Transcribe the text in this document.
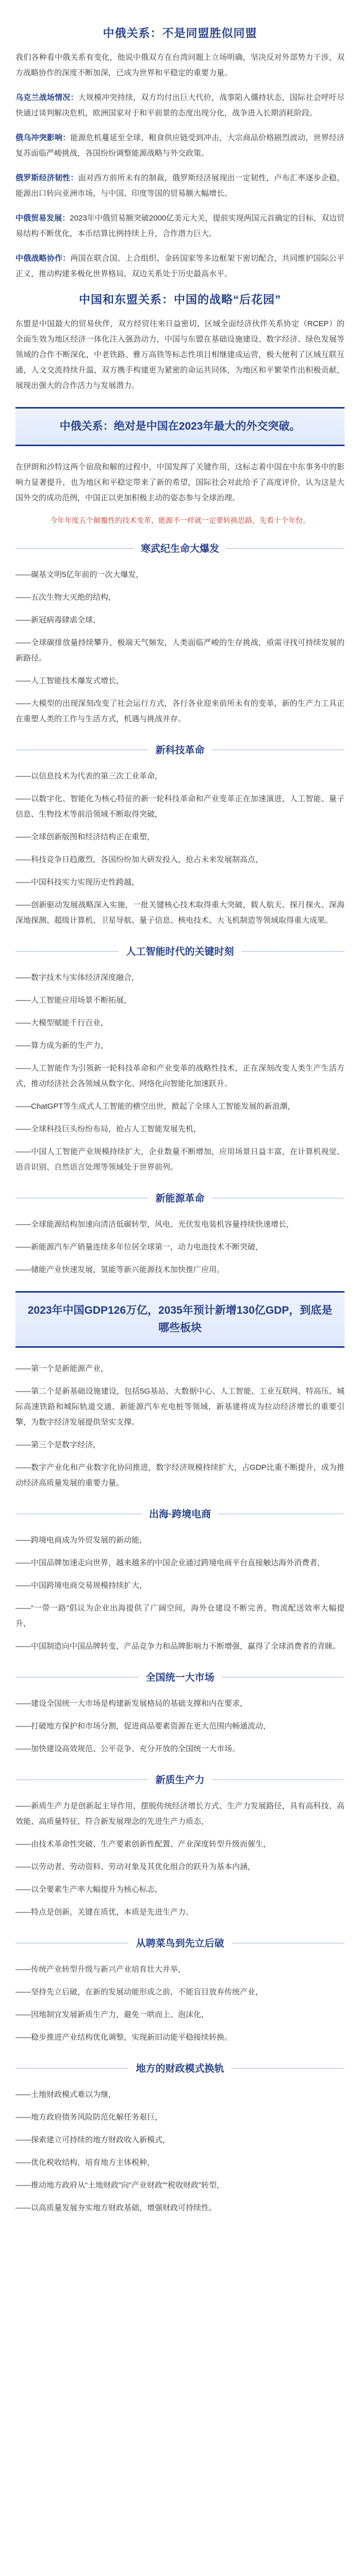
中俄关系：不是同盟胜似同盟

我们各种看中俄关系有变化，他说中俄双方在台湾问题上立场明确，坚决反对外部势力干涉，双方战略协作的深度不断加深，已成为世界和平稳定的重要力量。

乌克兰战场情况：大规模冲突持续，双方均付出巨大代价，战事陷入僵持状态，国际社会呼吁尽快通过谈判解决危机，欧洲国家对于和平前景的态度出现分化，战争进入长期消耗阶段。

俄乌冲突影响：能源危机蔓延至全球，粮食供应链受到冲击，大宗商品价格剧烈波动，世界经济复苏面临严峻挑战，各国纷纷调整能源战略与外交政策。

俄罗斯经济韧性：面对西方前所未有的制裁，俄罗斯经济展现出一定韧性，卢布汇率逐步企稳，能源出口转向亚洲市场，与中国、印度等国的贸易额大幅增长。

中俄贸易发展：2023年中俄贸易额突破2000亿美元大关，提前实现两国元首确定的目标，双边贸易结构不断优化，本币结算比例持续上升，合作潜力巨大。

中俄战略协作：两国在联合国、上合组织、金砖国家等多边框架下密切配合，共同维护国际公平正义，推动构建多极化世界格局，双边关系处于历史最高水平。

中国和东盟关系：中国的战略“后花园”

东盟是中国最大的贸易伙伴，双方经贸往来日益密切，区域全面经济伙伴关系协定（RCEP）的全面生效为地区经济一体化注入强劲动力，中国与东盟在基础设施建设、数字经济、绿色发展等领域的合作不断深化，中老铁路、雅万高铁等标志性项目相继建成运营，极大便利了区域互联互通，人文交流持续升温，双方携手构建更为紧密的命运共同体，为地区和平繁荣作出积极贡献，展现出强大的合作活力与发展潜力。

中俄关系：绝对是中国在2023年最大的外交突破。

在伊朗和沙特这两个宿敌和解的过程中，中国发挥了关键作用，这标志着中国在中东事务中的影响力显著提升，也为地区和平稳定带来了新的希望，国际社会对此给予了高度评价，认为这是大国外交的成功范例，中国正以更加积极主动的姿态参与全球治理。

今年年度五个颠覆性的技术变革，能源不一样就一定要转换思路，先看十个年份。
寒武纪生命大爆发

——碳基文明5亿年前的一次大爆发，

——五次生物大灭绝的结构，

——新冠病毒肆虐全球，

——全球碳排放量持续攀升，极端天气频发，人类面临严峻的生存挑战，亟需寻找可持续发展的新路径。

——人工智能技术爆发式增长，

——大模型的出现深刻改变了社会运行方式，各行各业迎来前所未有的变革，新的生产力工具正在重塑人类的工作与生活方式，机遇与挑战并存。

新科技革命

——以信息技术为代表的第三次工业革命，

——以数字化、智能化为核心特征的新一轮科技革命和产业变革正在加速演进，人工智能、量子信息、生物技术等前沿领域不断取得突破，

——全球创新版图和经济结构正在重塑，

——科技竞争日趋激烈，各国纷纷加大研发投入，抢占未来发展制高点，

——中国科技实力实现历史性跨越，

——创新驱动发展战略深入实施，一批关键核心技术取得重大突破，载人航天、探月探火、深海深地探测、超级计算机、卫星导航、量子信息、核电技术、大飞机制造等领域取得重大成果。

人工智能时代的关键时刻

——数字技术与实体经济深度融合，

——人工智能应用场景不断拓展，

——大模型赋能千行百业，

——算力成为新的生产力，

——人工智能作为引领新一轮科技革命和产业变革的战略性技术，正在深刻改变人类生产生活方式，推动经济社会各领域从数字化、网络化向智能化加速跃升。

——ChatGPT等生成式人工智能的横空出世，掀起了全球人工智能发展的新浪潮，

——全球科技巨头纷纷布局，抢占人工智能发展先机，

——中国人工智能产业规模持续扩大，企业数量不断增加，应用场景日益丰富，在计算机视觉、语音识别、自然语言处理等领域处于世界前列。

新能源革命

——全球能源结构加速向清洁低碳转型，风电、光伏发电装机容量持续快速增长，

——新能源汽车产销量连续多年位居全球第一，动力电池技术不断突破，

——储能产业快速发展，氢能等新兴能源技术加快推广应用。

2023年中国GDP126万亿，2035年预计新增130亿GDP，到底是哪些板块

——第一个是新能源产业，

——第二个是新基础设施建设，包括5G基站、大数据中心、人工智能、工业互联网、特高压、城际高速铁路和城际轨道交通、新能源汽车充电桩等领域，新基建将成为拉动经济增长的重要引擎，为数字经济发展提供坚实支撑。

——第三个是数字经济，

——数字产业化和产业数字化协同推进，数字经济规模持续扩大，占GDP比重不断提升，成为推动经济高质量发展的重要力量。

出海·跨境电商

——跨境电商成为外贸发展的新动能，

——中国品牌加速走向世界，越来越多的中国企业通过跨境电商平台直接触达海外消费者，

——中国跨境电商交易规模持续扩大，

——“一带一路”倡议为企业出海提供了广阔空间，海外仓建设不断完善，物流配送效率大幅提升，

——中国制造向中国品牌转变，产品竞争力和品牌影响力不断增强，赢得了全球消费者的青睐。

全国统一大市场

——建设全国统一大市场是构建新发展格局的基础支撑和内在要求，

——打破地方保护和市场分割，促进商品要素资源在更大范围内畅通流动，

——加快建设高效规范、公平竞争、充分开放的全国统一大市场。

新质生产力

——新质生产力是创新起主导作用，摆脱传统经济增长方式、生产力发展路径，具有高科技、高效能、高质量特征，符合新发展理念的先进生产力质态，

——由技术革命性突破、生产要素创新性配置、产业深度转型升级而催生，

——以劳动者、劳动资料、劳动对象及其优化组合的跃升为基本内涵，

——以全要素生产率大幅提升为核心标志，

——特点是创新，关键在质优，本质是先进生产力。

从聘菜鸟到先立后破

——传统产业转型升级与新兴产业培育壮大并举，

——坚持先立后破，在新的发展动能形成之前，不能盲目放弃传统产业，

——因地制宜发展新质生产力，避免一哄而上、泡沫化，

——稳步推进产业结构优化调整，实现新旧动能平稳接续转换。

地方的财政模式换轨

——土地财政模式难以为继，

——地方政府债务风险防范化解任务艰巨，

——探索建立可持续的地方财政收入新模式，

——优化税收结构，培育地方主体税种，

——推动地方政府从“土地财政”向“产业财政”“税收财政”转型，

——以高质量发展夯实地方财政基础，增强财政可持续性。
